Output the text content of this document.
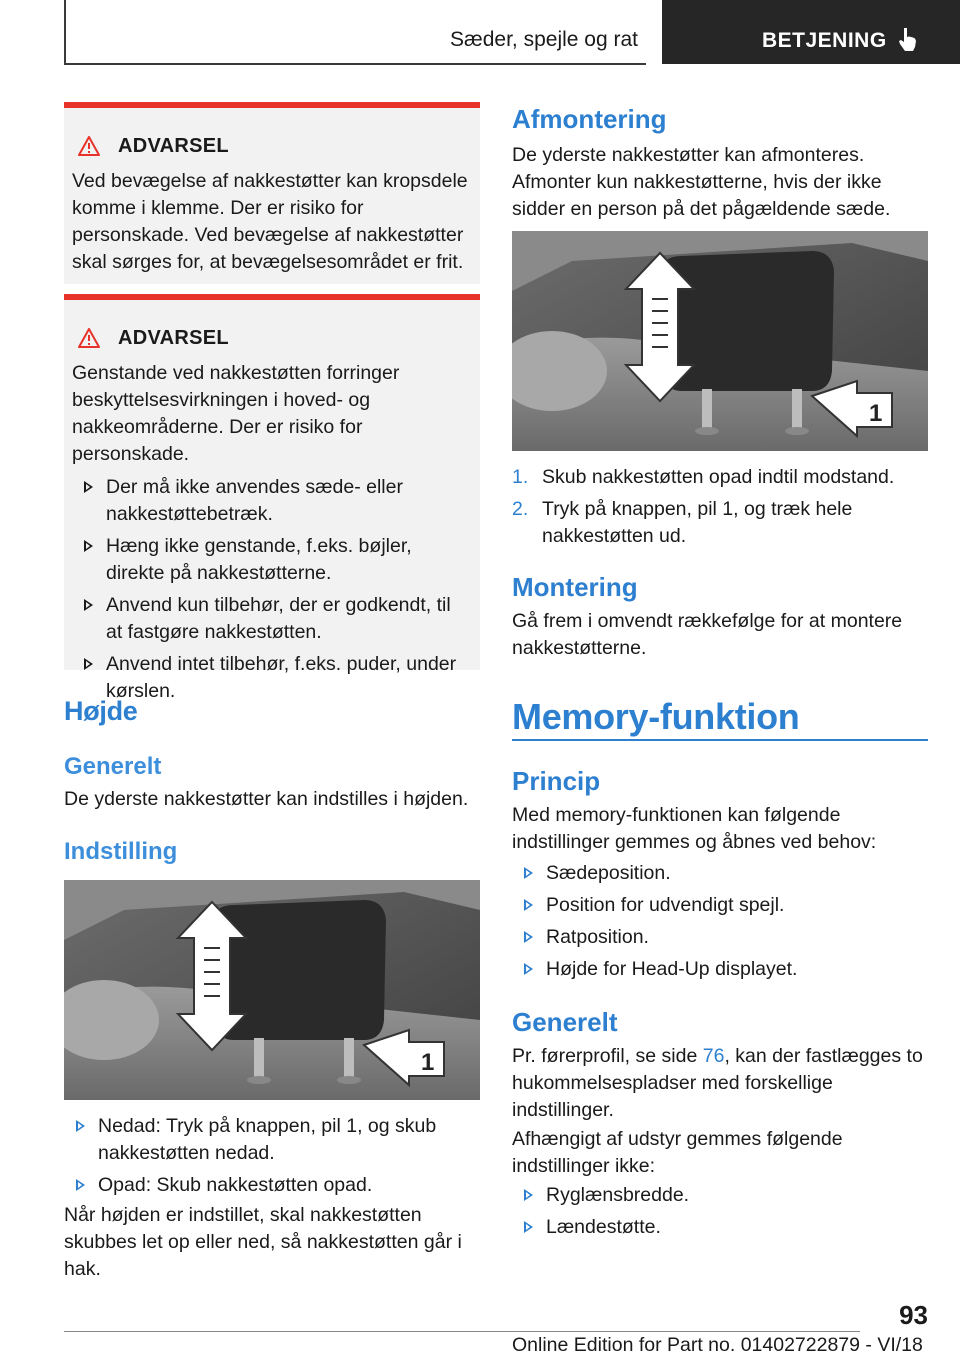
Sæder, spejle og rat	BETJENING
ADVARSEL

Ved bevægelse af nakkestøtter kan kropsdele komme i klemme. Der er risiko for personskade. Ved bevægelse af nakkestøtter skal sørges for, at bevægelsesområdet er frit.

ADVARSEL

Genstande ved nakkestøtten forringer beskyttelsesvirkningen i hoved- og nakkeområderne. Der er risiko for personskade.

Der må ikke anvendes sæde- eller nakkestøttebetræk.
Hæng ikke genstande, f.eks. bøjler, direkte på nakkestøtterne.
Anvend kun tilbehør, der er godkendt, til at fastgøre nakkestøtten.
Anvend intet tilbehør, f.eks. puder, under kørslen.
Højde
Generelt
De yderste nakkestøtter kan indstilles i højden.
Indstilling
1
Nedad: Tryk på knappen, pil 1, og skub nakkestøtten nedad.
Opad: Skub nakkestøtten opad.
Når højden er indstillet, skal nakkestøtten skubbes let op eller ned, så nakkestøtten går i hak.
Afmontering
De yderste nakkestøtter kan afmonteres. Afmonter kun nakkestøtterne, hvis der ikke sidder en person på det pågældende sæde.
1
1. Skub nakkestøtten opad indtil modstand.
2. Tryk på knappen, pil 1, og træk hele nakkestøtten ud.
Montering
Gå frem i omvendt rækkefølge for at montere nakkestøtterne.
Memory-funktion
Princip
Med memory-funktionen kan følgende indstillinger gemmes og åbnes ved behov:
Sædeposition.
Position for udvendigt spejl.
Ratposition.
Højde for Head-Up displayet.
Generelt
Pr. førerprofil, se side 76, kan der fastlægges to hukommelsespladser med forskellige indstillinger.
Afhængigt af udstyr gemmes følgende indstillinger ikke:
Ryglænsbredde.
Lændestøtte.
93
Online Edition for Part no. 01402722879 - VI/18
